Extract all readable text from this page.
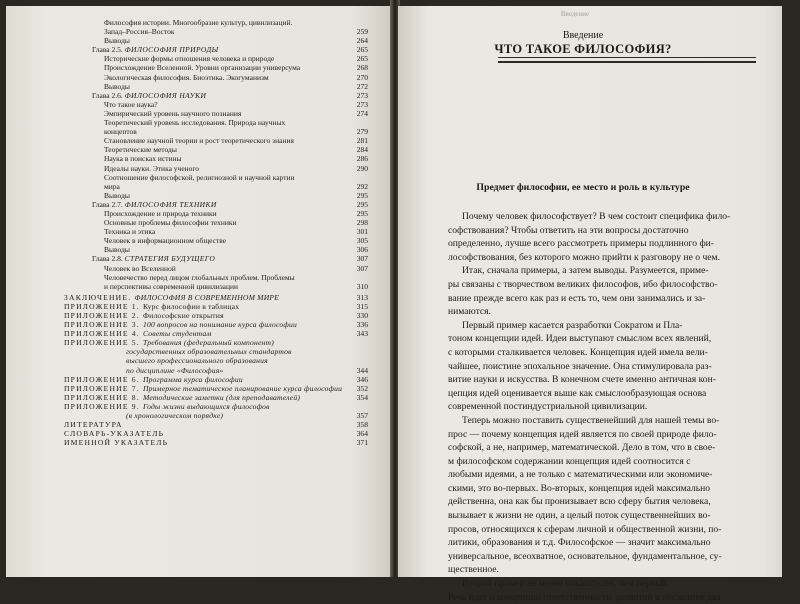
Философия истории. Многообразие культур, цивилизаций.
Запад–Россия–Восток	259
Выводы	264
Глава 2.5. ФИЛОСОФИЯ ПРИРОДЫ	265
Исторические формы отношения человека и природе	265
Происхождение Вселенной. Уровни организации универсума	268
Экологическая философия. Биоэтика. Экогуманизм	270
Выводы	272
Глава 2.6. ФИЛОСОФИЯ НАУКИ	273
Что такое наука?	273
Эмпирический уровень научного познания	274
Теоретический уровень исследования. Природа научных
концептов	279
Становление научной теории и рост теоретического знания	281
Теоретические методы	284
Наука в поисках истины	286
Идеалы науки. Этика ученого	290
Соотношение философской, религиозной и научной картин
мира	292
Выводы	295
Глава 2.7. ФИЛОСОФИЯ ТЕХНИКИ	295
Происхождение и природа техники	295
Основные проблемы философии техники	298
Техника и этика	301
Человек в информационном обществе	305
Выводы	306
Глава 2.8. СТРАТЕГИЯ БУДУЩЕГО	307
Человек во Вселенной	307
Человечество перед лицом глобальных проблем. Проблемы
и перспективы современной цивилизации	310
ЗАКЛЮЧЕНИЕ. ФИЛОСОФИЯ В СОВРЕМЕННОМ МИРЕ	313
ПРИЛОЖЕНИЕ 1. Курс философии в таблицах	315
ПРИЛОЖЕНИЕ 2. Философские открытия	330
ПРИЛОЖЕНИЕ 3. 100 вопросов на понимание курса философии	336
ПРИЛОЖЕНИЕ 4. Советы студентам	343
ПРИЛОЖЕНИЕ 5. Требования (федеральный компонент)
государственных образовательных стандартов
высшего профессионального образования
по дисциплине «Философия»	344
ПРИЛОЖЕНИЕ 6. Программа курса философии	346
ПРИЛОЖЕНИЕ 7. Примерное тематическое планирование курса философии 352
ПРИЛОЖЕНИЕ 8. Методические заметки (для преподавателей)	354
ПРИЛОЖЕНИЕ 9. Годы жизни выдающихся философов
(в хронологическом порядке)	357
ЛИТЕРАТУРА	358
СЛОВАРЬ-УКАЗАТЕЛЬ	364
ИМЕННОЙ УКАЗАТЕЛЬ	371
Введение
Введение
ЧТО ТАКОЕ ФИЛОСОФИЯ?
Предмет философии, ее место и роль в культуре
Почему человек философствует? В чем состоит специфика фило-
софствования? Чтобы ответить на эти вопросы достаточно
определенно, лучше всего рассмотреть примеры подлинного фи-
лософствования, без которого можно прийти к разговору не о чем.
Итак, сначала примеры, а затем выводы. Разумеется, приме-
ры связаны с творчеством великих философов, ибо философство-
вание прежде всего как раз и есть то, чем они занимались и за-
нимаются.
Первый пример касается разработки Сократом и Пла-
тоном концепции идей. Идеи выступают смыслом всех явлений,
с которыми сталкивается человек. Концепция идей имела вели-
чайшее, поистине эпохальное значение. Она стимулировала раз-
витие науки и искусства. В конечном счете именно античная кон-
цепция идей оценивается выше как смыслообразующая основа
современной постиндустриальной цивилизации.
Теперь можно поставить существенейший для нашей темы во-
прос — почему концепция идей является по своей природе фило-
софской, а не, например, математической. Дело в том, что в свое-
м философском содержании концепция идей соотносится с
любыми идеями, а не только с математическими или экономиче-
скими, это во-первых. Во-вторых, концепция идей максимально
действенна, она как бы пронизывает всю сферу бытия человека,
вызывает к жизни не один, а целый поток существеннейших во-
просов, относящихся к сферам личной и общественной жизни, по-
литики, образования и т.д. Философское — значит максимально
универсальное, всеохватное, основательное, фундаментальное, су-
щественное.
Второй пример не менее показателен, чем первый.
Речь идет о концепции ответственности, развитой в последние два
